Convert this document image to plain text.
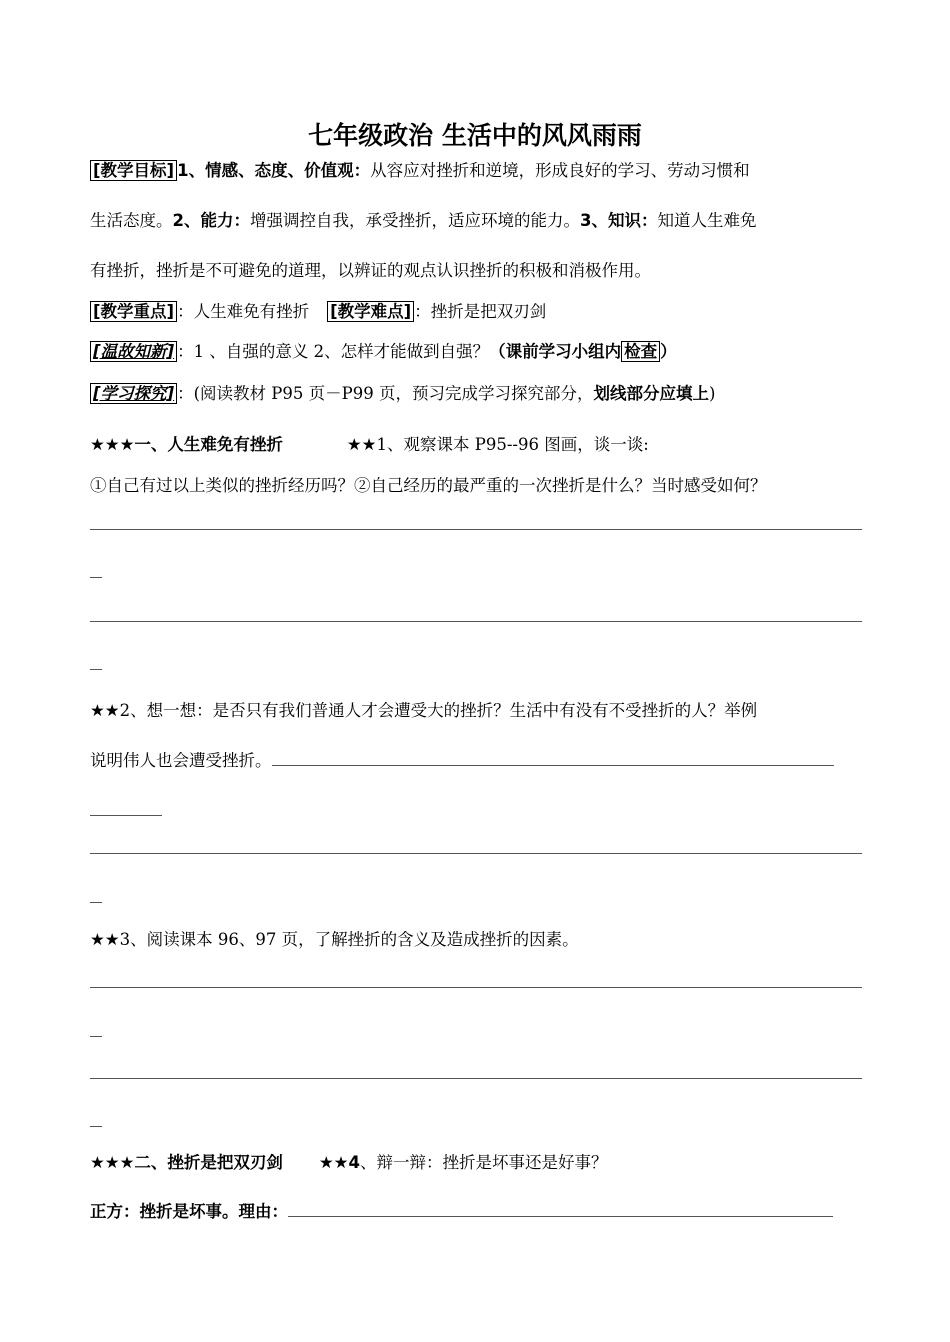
七年级政治 生活中的风风雨雨
[教学目标] 1、情感、态度、价值观：从容应对挫折和逆境，形成良好的学习、劳动习惯和
生活态度。2、能力：增强调控自我，承受挫折，适应环境的能力。3、知识：知道人生难免
有挫折，挫折是不可避免的道理，以辨证的观点认识挫折的积极和消极作用。
[教学重点] ：人生难免有挫折 [教学难点] ：挫折是把双刃剑
[温故知新] ：1 、自强的意义 2、怎样才能做到自强？（课前学习小组内 检查 ）
[学习探究] ：(阅读教材 P95 页－P99 页，预习完成学习探究部分，划线部分应填上)
★★★一、人生难免有挫折	★★1、观察课本 P95--96 图画，谈一谈:
①自己有过以上类似的挫折经历吗？②自己经历的最严重的一次挫折是什么？当时感受如何？
★★2、想一想：是否只有我们普通人才会遭受大的挫折？生活中有没有不受挫折的人？举例
说明伟人也会遭受挫折。
★★3、阅读课本 96、97 页，了解挫折的含义及造成挫折的因素。
★★★二、挫折是把双刃剑 ★★4、辩一辩：挫折是坏事还是好事？
正方：挫折是坏事。理由：
